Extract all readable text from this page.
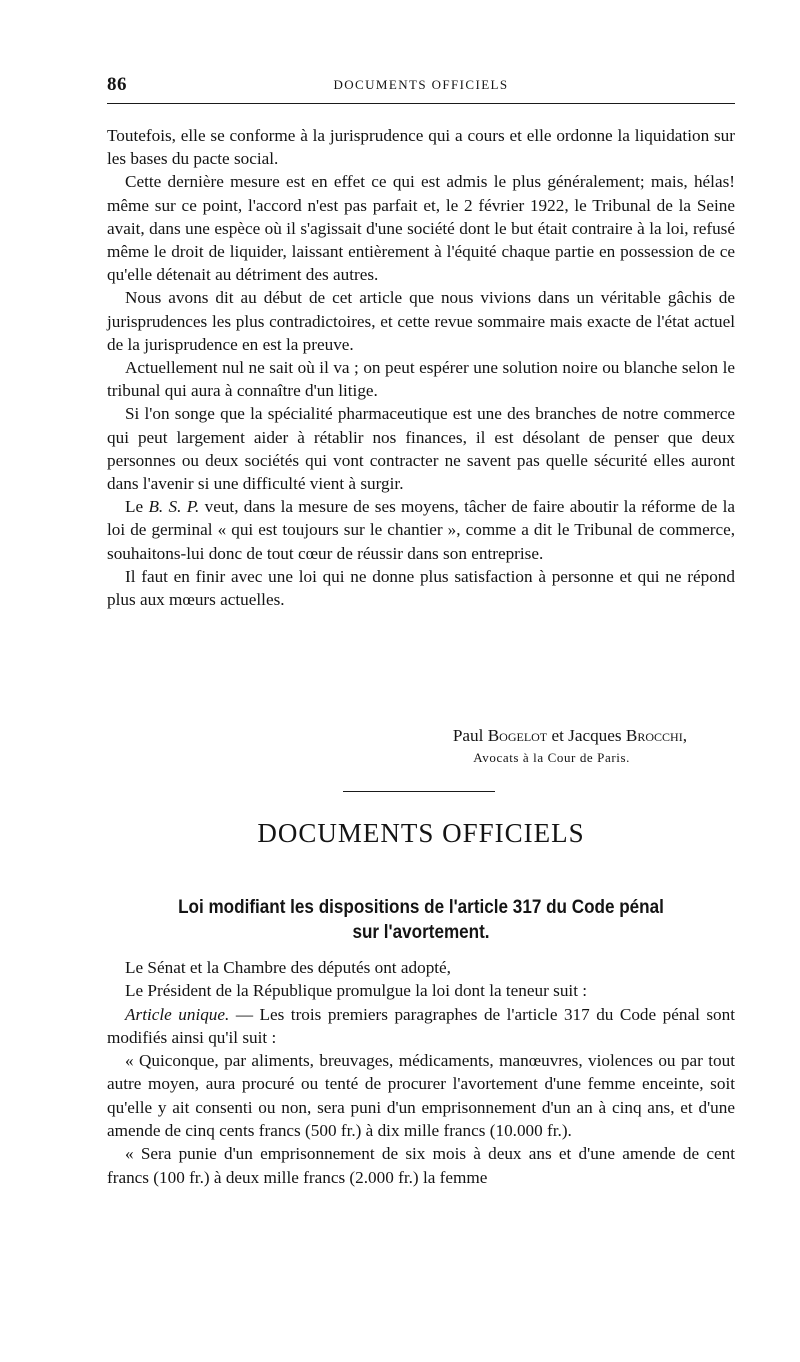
86	DOCUMENTS OFFICIELS

Toutefois, elle se conforme à la jurisprudence qui a cours et elle ordonne la liquidation sur les bases du pacte social.

Cette dernière mesure est en effet ce qui est admis le plus généralement; mais, hélas! même sur ce point, l'accord n'est pas parfait et, le 2 février 1922, le Tribunal de la Seine avait, dans une espèce où il s'agissait d'une société dont le but était contraire à la loi, refusé même le droit de liquider, laissant entièrement à l'équité chaque partie en possession de ce qu'elle détenait au détriment des autres.

Nous avons dit au début de cet article que nous vivions dans un véritable gâchis de jurisprudences les plus contradictoires, et cette revue sommaire mais exacte de l'état actuel de la jurisprudence en est la preuve.

Actuellement nul ne sait où il va ; on peut espérer une solution noire ou blanche selon le tribunal qui aura à connaître d'un litige.

Si l'on songe que la spécialité pharmaceutique est une des branches de notre commerce qui peut largement aider à rétablir nos finances, il est désolant de penser que deux personnes ou deux sociétés qui vont contracter ne savent pas quelle sécurité elles auront dans l'avenir si une difficulté vient à surgir.

Le B. S. P. veut, dans la mesure de ses moyens, tâcher de faire aboutir la réforme de la loi de germinal « qui est toujours sur le chantier », comme a dit le Tribunal de commerce, souhaitons-lui donc de tout cœur de réussir dans son entreprise.

Il faut en finir avec une loi qui ne donne plus satisfaction à personne et qui ne répond plus aux mœurs actuelles.

Paul Bogelot et Jacques Brocchi,
Avocats à la Cour de Paris.
DOCUMENTS OFFICIELS
Loi modifiant les dispositions de l'article 317 du Code pénal
sur l'avortement.

Le Sénat et la Chambre des députés ont adopté,

Le Président de la République promulgue la loi dont la teneur suit :

Article unique. — Les trois premiers paragraphes de l'article 317 du Code pénal sont modifiés ainsi qu'il suit :

« Quiconque, par aliments, breuvages, médicaments, manœuvres, violences ou par tout autre moyen, aura procuré ou tenté de procurer l'avortement d'une femme enceinte, soit qu'elle y ait consenti ou non, sera puni d'un emprisonnement d'un an à cinq ans, et d'une amende de cinq cents francs (500 fr.) à dix mille francs (10.000 fr.).

« Sera punie d'un emprisonnement de six mois à deux ans et d'une amende de cent francs (100 fr.) à deux mille francs (2.000 fr.) la femme
